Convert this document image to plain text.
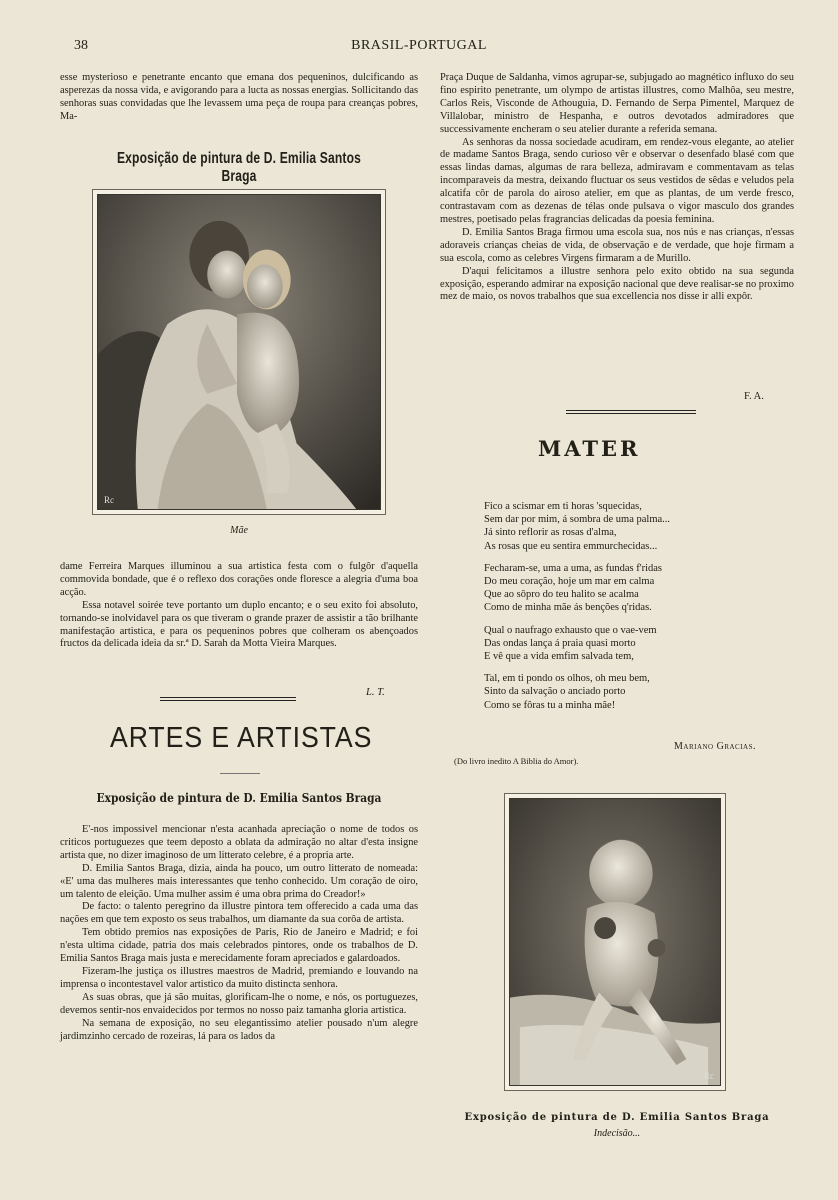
38	BRASIL-PORTUGAL

esse mysterioso e penetrante encanto que emana dos pequeninos, dulcificando as asperezas da nossa vida, e avigorando para a lucta as nossas energias. Sollicitando das senhoras suas convidadas que lhe levassem uma peça de roupa para creanças pobres, Ma-

Exposição de pintura de D. Emilia Santos Braga
Rc
Mãe

dame Ferreira Marques illuminou a sua artistica festa com o fulgôr d'aquella commovida bondade, que é o reflexo dos corações onde floresce a alegria d'uma boa acção.

Essa notavel soirée teve portanto um duplo encanto; e o seu exito foi absoluto, tornando-se inolvidavel para os que tiveram o grande prazer de assistir a tão brilhante manifestação artistica, e para os pequeninos pobres que colheram os abençoados fructos da delicada ideia da sr.ª D. Sarah da Motta Vieira Marques.

L. T.
ARTES E ARTISTAS
Exposição de pintura de D. Emilia Santos Braga

E'-nos impossivel mencionar n'esta acanhada apreciação o nome de todos os criticos portuguezes que teem deposto a oblata da admiração no altar d'esta insigne artista que, no dizer imaginoso de um litterato celebre, é a propria arte.

D. Emilia Santos Braga, dizia, ainda ha pouco, um outro litterato de nomeada: «E' uma das mulheres mais interessantes que tenho conhecido. Um coração de oiro, um talento de eleição. Uma mulher assim é uma obra prima do Creador!»

De facto: o talento peregrino da illustre pintora tem offerecido a cada uma das nações em que tem exposto os seus trabalhos, um diamante da sua corôa de artista.

Tem obtido premios nas exposições de Paris, Rio de Janeiro e Madrid; e foi n'esta ultima cidade, patria dos mais celebrados pintores, onde os trabalhos de D. Emilia Santos Braga mais justa e merecidamente foram apreciados e galardoados.

Fizeram-lhe justiça os illustres maestros de Madrid, premiando e louvando na imprensa o incontestavel valor artistico da muito distincta senhora.

As suas obras, que já são muitas, glorificam-lhe o nome, e nós, os portuguezes, devemos sentir-nos envaidecidos por termos no nosso paiz tamanha gloria artistica.

Na semana de exposição, no seu elegantissimo atelier pousado n'um alegre jardimzinho cercado de rozeiras, lá para os lados da

Praça Duque de Saldanha, vimos agrupar-se, subjugado ao magnético influxo do seu fino espirito penetrante, um olympo de artistas illustres, como Malhôa, seu mestre, Carlos Reis, Visconde de Athouguia, D. Fernando de Serpa Pimentel, Marquez de Villalobar, ministro de Hespanha, e outros devotados admiradores que successivamente encheram o seu atelier durante a referida semana.

As senhoras da nossa sociedade acudiram, em rendez-vous elegante, ao atelier de madame Santos Braga, sendo curioso vêr e observar o desenfado blasé com que essas lindas damas, algumas de rara belleza, admiravam e commentavam as telas incomparaveis da mestra, deixando fluctuar os seus vestidos de sêdas e veludos pela alcatifa côr de parola do airoso atelier, em que as plantas, de um verde fresco, contrastavam com as dezenas de télas onde pulsava o vigor masculo dos grandes mestres, poetisado pelas fragrancias delicadas da poesia feminina.

D. Emilia Santos Braga firmou uma escola sua, nos nús e nas crianças, n'essas adoraveis crianças cheias de vida, de observação e de verdade, que hoje firmam a sua escola, como as celebres Virgens firmaram a de Murillo.

D'aqui felicitamos a illustre senhora pelo exito obtido na sua segunda exposição, esperando admirar na exposição nacional que deve realisar-se no proximo mez de maio, os novos trabalhos que sua excellencia nos disse ir alli expôr.

F. A.
MATER

Fico a scismar em ti horas 'squecidas,

Sem dar por mim, á sombra de uma palma...

Já sinto reflorir as rosas d'alma,

As rosas que eu sentira emmurchecidas...

Fecharam-se, uma a uma, as fundas f'ridas

Do meu coração, hoje um mar em calma

Que ao sôpro do teu halito se acalma

Como de minha mãe ás benções q'ridas.

Qual o naufrago exhausto que o vae-vem

Das ondas lança á praia quasi morto

E vê que a vida emfim salvada tem,

Tal, em ti pondo os olhos, oh meu bem,

Sinto da salvação o anciado porto

Como se fôras tu a minha mãe!

Mariano Gracias.
(Do livro inedito A Biblia do Amor).
Rc
Exposição de pintura de D. Emilia Santos Braga
Indecisão...
